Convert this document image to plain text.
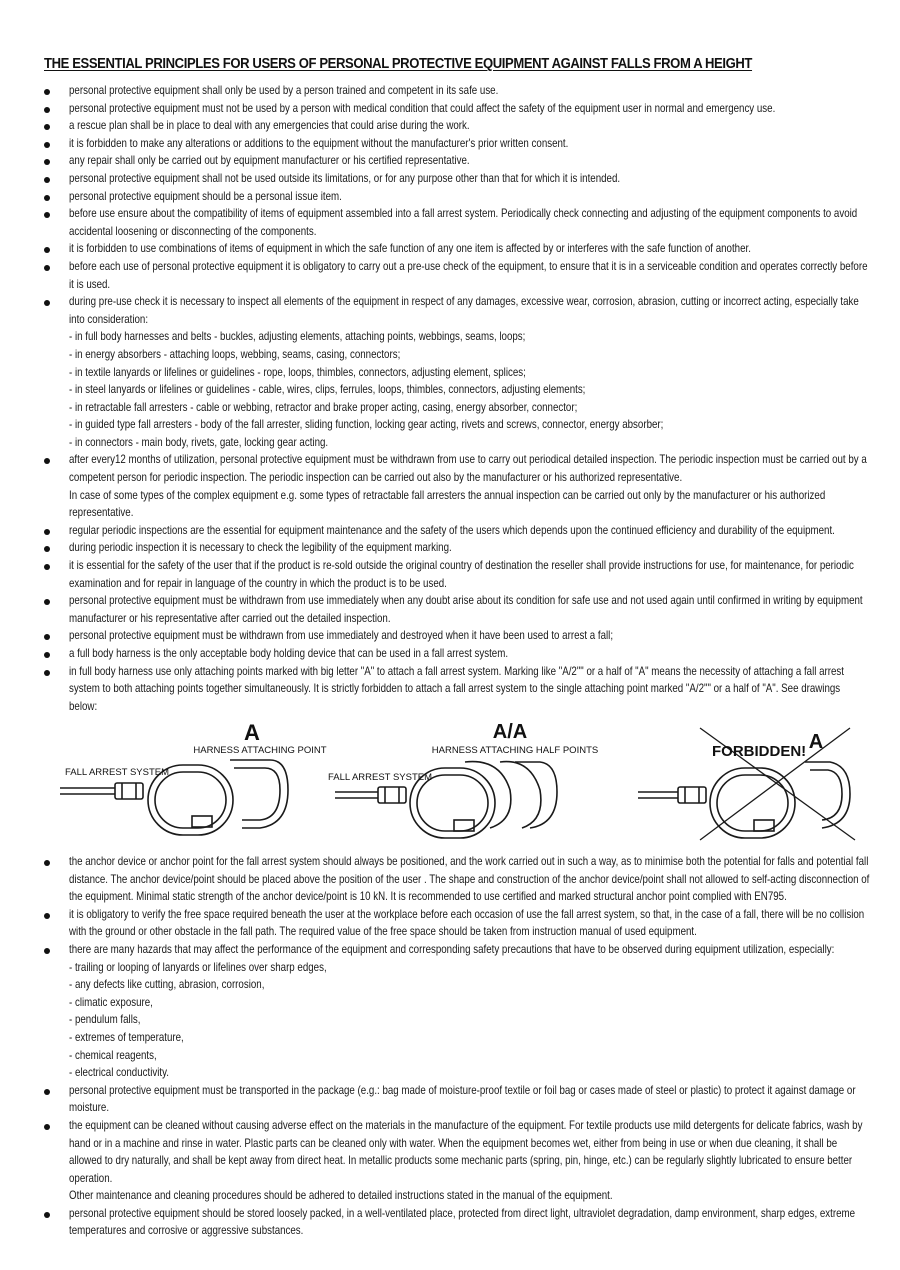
THE ESSENTIAL PRINCIPLES FOR USERS OF PERSONAL PROTECTIVE EQUIPMENT AGAINST FALLS FROM A HEIGHT
personal protective equipment shall only be used by a person trained and competent in its safe use.
personal protective equipment must not be used by a person with medical condition that could affect the safety of the equipment user in normal and emergency use.
a rescue plan shall be in place to deal with any emergencies that could arise during the work.
it is forbidden to make any alterations or additions to the equipment without the manufacturer's prior written consent.
any repair shall only be carried out by equipment manufacturer or his certified representative.
personal protective equipment shall not be used outside its limitations, or for any purpose other than that for which it is intended.
personal protective equipment should be a personal issue item.
before use ensure about the compatibility of items of equipment assembled into a fall arrest system. Periodically check connecting and adjusting of the equipment components to avoid accidental loosening or disconnecting of the components.
it is forbidden to use combinations of items of equipment in which the safe function of any one item is affected by or interferes with the safe function of another.
before each use of personal protective equipment it is obligatory to carry out a pre-use check of the equipment, to ensure that it is in a serviceable condition and operates correctly before it is used.
during pre-use check it is necessary to inspect all elements of the equipment in respect of any damages, excessive wear, corrosion, abrasion, cutting or incorrect acting, especially take into consideration:
- in full body harnesses and belts - buckles, adjusting elements, attaching points, webbings, seams, loops;
- in energy absorbers - attaching loops, webbing, seams, casing, connectors;
- in textile lanyards or lifelines or guidelines - rope, loops, thimbles, connectors, adjusting element, splices;
- in steel lanyards or lifelines or guidelines - cable, wires, clips, ferrules, loops, thimbles, connectors, adjusting elements;
- in retractable fall arresters - cable or webbing, retractor and brake proper acting, casing, energy absorber, connector;
- in guided type fall arresters - body of the fall arrester, sliding function, locking gear acting, rivets and screws, connector, energy absorber;
- in connectors - main body, rivets, gate, locking gear acting.
after every12 months of utilization, personal protective equipment must be withdrawn from use to carry out periodical detailed inspection. The periodic inspection must be carried out by a competent person for periodic inspection. The periodic inspection can be carried out also by the manufacturer or his authorized representative.
In case of some types of the complex equipment e.g. some types of retractable fall arresters the annual inspection can be carried out only by the manufacturer or his authorized representative.
regular periodic inspections are the essential for equipment maintenance and the safety of the users which depends upon the continued efficiency and durability of the equipment.
during periodic inspection it is necessary to check the legibility of the equipment marking.
it is essential for the safety of the user that if the product is re-sold outside the original country of destination the reseller shall provide instructions for use, for maintenance, for periodic examination and for repair in language of the country in which the product is to be used.
personal protective equipment must be withdrawn from use immediately when any doubt arise about its condition for safe use and not used again until confirmed in writing by equipment manufacturer or his representative after carried out the detailed inspection.
personal protective equipment must be withdrawn from use immediately and destroyed when it have been used to arrest a fall;
a full body harness is the only acceptable body holding device that can be used in a fall arrest system.
in full body harness use only attaching points marked with big letter "A" to attach a fall arrest system. Marking like "A/2"" or a half of "A" means the necessity of attaching a fall arrest system to both attaching points together simultaneously. It is strictly forbidden to attach a fall arrest system to the single attaching point marked "A/2"" or a half of "A". See drawings below:
A
HARNESS ATTACHING POINT
FALL ARREST SYSTEM
A/A
HARNESS ATTACHING HALF POINTS
FALL ARREST SYSTEM
FORBIDDEN! A
the anchor device or anchor point for the fall arrest system should always be positioned, and the work carried out in such a way, as to minimise both the potential for falls and potential fall distance. The anchor device/point should be placed above the position of the user . The shape and construction of the anchor device/point shall not allowed to self-acting disconnection of the equipment. Minimal static strength of the anchor device/point is 10 kN. It is recommended to use certified and marked structural anchor point complied with EN795.
it is obligatory to verify the free space required beneath the user at the workplace before each occasion of use the fall arrest system, so that, in the case of a fall, there will be no collision with the ground or other obstacle in the fall path. The required value of the free space should be taken from instruction manual of used equipment.
there are many hazards that may affect the performance of the equipment and corresponding safety precautions that have to be observed during equipment utilization, especially:
- trailing or looping of lanyards or lifelines over sharp edges,
- any defects like cutting, abrasion, corrosion,
- climatic exposure,
- pendulum falls,
- extremes of temperature,
- chemical reagents,
- electrical conductivity.
personal protective equipment must be transported in the package (e.g.: bag made of moisture-proof textile or foil bag or cases made of steel or plastic) to protect it against damage or moisture.
the equipment can be cleaned without causing adverse effect on the materials in the manufacture of the equipment. For textile products use mild detergents for delicate fabrics, wash by hand or in a machine and rinse in water. Plastic parts can be cleaned only with water. When the equipment becomes wet, either from being in use or when due cleaning, it shall be allowed to dry naturally, and shall be kept away from direct heat. In metallic products some mechanic parts (spring, pin, hinge, etc.) can be regularly slightly lubricated to ensure better operation.
Other maintenance and cleaning procedures should be adhered to detailed instructions stated in the manual of the equipment.
personal protective equipment should be stored loosely packed, in a well-ventilated place, protected from direct light, ultraviolet degradation, damp environment, sharp edges, extreme temperatures and corrosive or aggressive substances.
